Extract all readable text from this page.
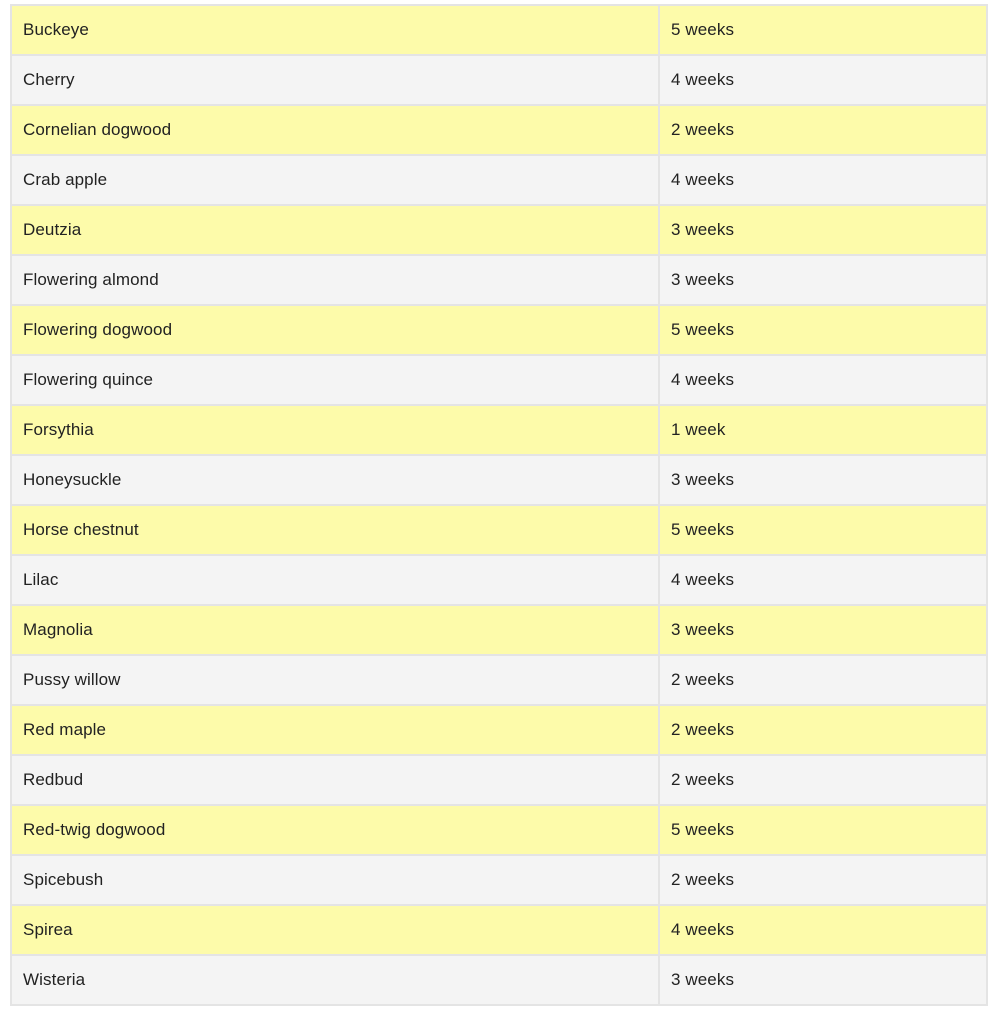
Buckeye	5 weeks
Cherry	4 weeks
Cornelian dogwood	2 weeks
Crab apple	4 weeks
Deutzia	3 weeks
Flowering almond	3 weeks
Flowering dogwood	5 weeks
Flowering quince	4 weeks
Forsythia	1 week
Honeysuckle	3 weeks
Horse chestnut	5 weeks
Lilac	4 weeks
Magnolia	3 weeks
Pussy willow	2 weeks
Red maple	2 weeks
Redbud	2 weeks
Red-twig dogwood	5 weeks
Spicebush	2 weeks
Spirea	4 weeks
Wisteria	3 weeks
